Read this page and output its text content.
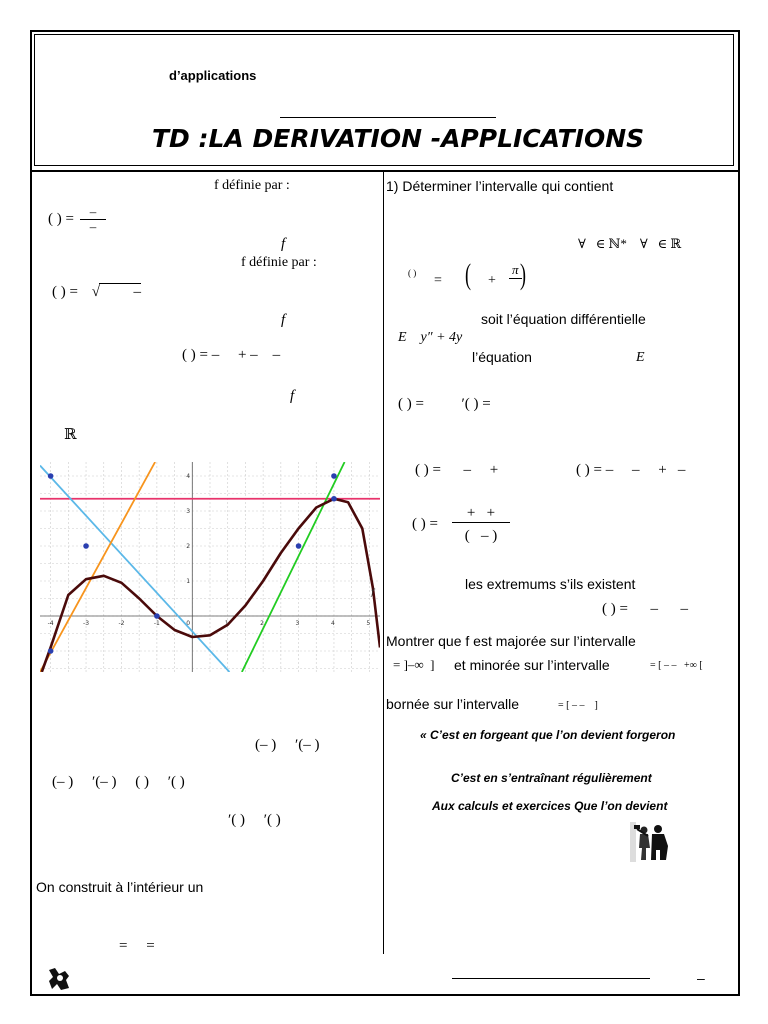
d’applications
TD :LA DERIVATION -APPLICATIONS
f définie par :
( ) = $\frac{-}{-}$
f
f définie par :
( ) = √ –
f
( ) = –     + –    –
f
ℝ
-4	-3	-2	-1	1	2	3	4	5
1
2
3
4
0
f
(– )     ′(– )
(– )     ′(– )     ( )     ′( )
′( )     ′( )
On construit à l’intérieur un
=     =
1) Déterminer l’intervalle qui contient
∀   ∈ ℕ*    ∀   ∈ ℝ
( ) = ( +
π )
soit l’équation différentielle
E    y″ + 4y
l’équation	E
( ) =          ′( ) =
( ) =      –     +	( ) = –     –     +   –
( ) =
+   +
(   – )
les extremums s’ils existent
( ) =      –      –
Montrer que f est majorée sur l’intervalle
= ]–∞  ] et minorée sur l’intervalle	= [ – –   +∞ [
bornée sur l’intervalle	= [ – –    ]
« C’est en forgeant que l’on devient forgeron
C’est en s’entraînant régulièrement
Aux calculs et exercices Que l’on devient
–
